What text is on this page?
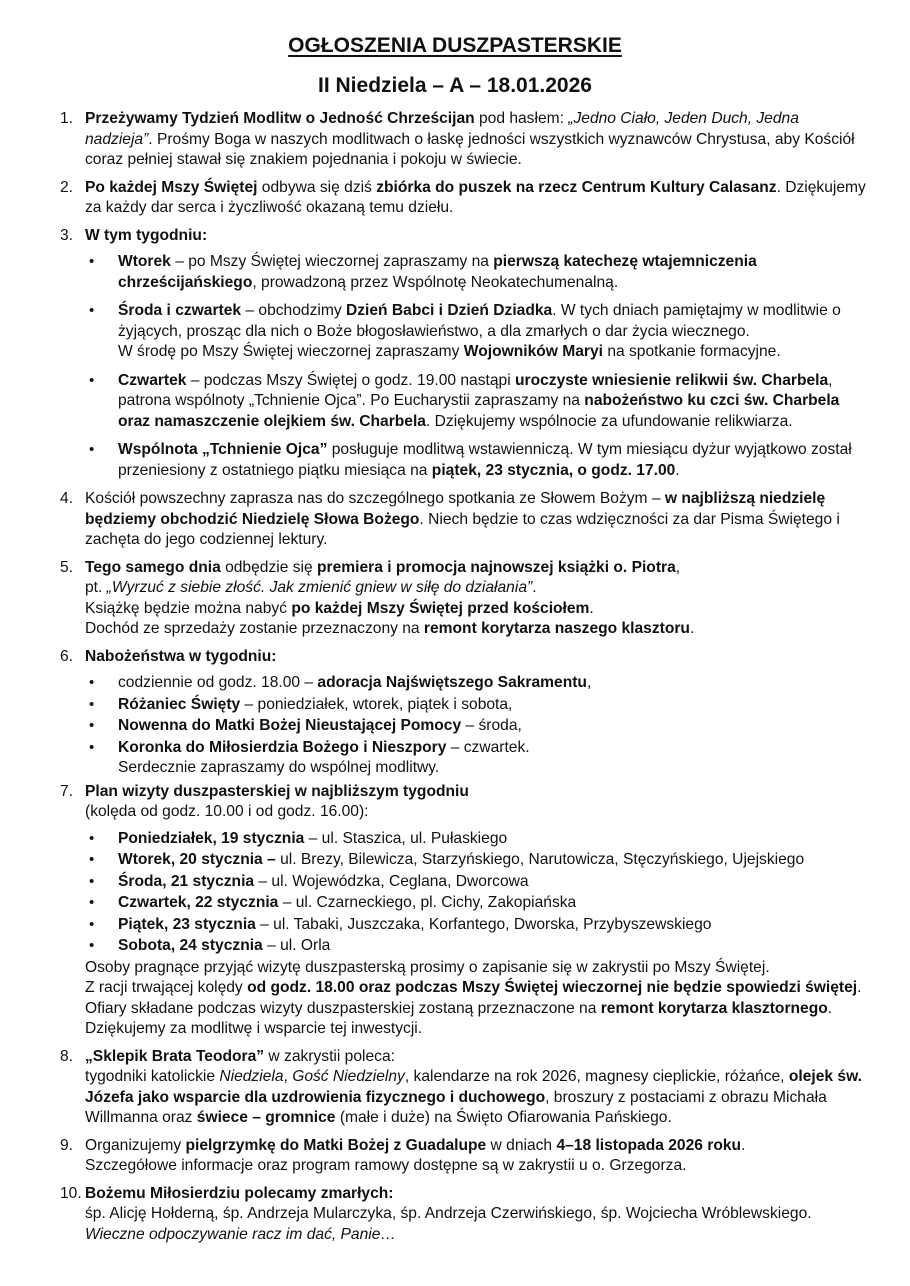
OGŁOSZENIA DUSZPASTERSKIE
II Niedziela – A – 18.01.2026
1. Przeżywamy Tydzień Modlitw o Jedność Chrześcijan pod hasłem: „Jedno Ciało, Jeden Duch, Jedna nadzieja”. Prośmy Boga w naszych modlitwach o łaskę jedności wszystkich wyznawców Chrystusa, aby Kościół coraz pełniej stawał się znakiem pojednania i pokoju w świecie.
2. Po każdej Mszy Świętej odbywa się dziś zbiórka do puszek na rzecz Centrum Kultury Calasanz. Dziękujemy za każdy dar serca i życzliwość okazaną temu dziełu.
3. W tym tygodniu:
• Wtorek – po Mszy Świętej wieczornej zapraszamy na pierwszą katechezę wtajemniczenia chrześcijańskiego, prowadzoną przez Wspólnotę Neokatechumenalną.
• Środa i czwartek – obchodzimy Dzień Babci i Dzień Dziadka. W tych dniach pamiętajmy w modlitwie o żyjących, prosząc dla nich o Boże błogosławieństwo, a dla zmarłych o dar życia wiecznego.
W środę po Mszy Świętej wieczornej zapraszamy Wojowników Maryi na spotkanie formacyjne.
• Czwartek – podczas Mszy Świętej o godz. 19.00 nastąpi uroczyste wniesienie relikwii św. Charbela, patrona wspólnoty „Tchnienie Ojca”. Po Eucharystii zapraszamy na nabożeństwo ku czci św. Charbela oraz namaszczenie olejkiem św. Charbela. Dziękujemy wspólnocie za ufundowanie relikwiarza.
• Wspólnota „Tchnienie Ojca” posługuje modlitwą wstawienniczą. W tym miesiącu dyżur wyjątkowo został przeniesiony z ostatniego piątku miesiąca na piątek, 23 stycznia, o godz. 17.00.
4. Kościół powszechny zaprasza nas do szczególnego spotkania ze Słowem Bożym – w najbliższą niedzielę będziemy obchodzić Niedzielę Słowa Bożego. Niech będzie to czas wdzięczności za dar Pisma Świętego i zachęta do jego codziennej lektury.
5. Tego samego dnia odbędzie się premiera i promocja najnowszej książki o. Piotra,
pt. „Wyrzuć z siebie złość. Jak zmienić gniew w siłę do działania”.
Książkę będzie można nabyć po każdej Mszy Świętej przed kościołem.
Dochód ze sprzedaży zostanie przeznaczony na remont korytarza naszego klasztoru.
6. Nabożeństwa w tygodniu:
• codziennie od godz. 18.00 – adoracja Najświętszego Sakramentu,
• Różaniec Święty – poniedziałek, wtorek, piątek i sobota,
• Nowenna do Matki Bożej Nieustającej Pomocy – środa,
• Koronka do Miłosierdzia Bożego i Nieszpory – czwartek.
Serdecznie zapraszamy do wspólnej modlitwy.
7. Plan wizyty duszpasterskiej w najbliższym tygodniu
(kolęda od godz. 10.00 i od godz. 16.00):
• Poniedziałek, 19 stycznia – ul. Staszica, ul. Pułaskiego
• Wtorek, 20 stycznia – ul. Brezy, Bilewicza, Starzyńskiego, Narutowicza, Stęczyńskiego, Ujejskiego
• Środa, 21 stycznia – ul. Wojewódzka, Ceglana, Dworcowa
• Czwartek, 22 stycznia – ul. Czarneckiego, pl. Cichy, Zakopiańska
• Piątek, 23 stycznia – ul. Tabaki, Juszczaka, Korfantego, Dworska, Przybyszewskiego
• Sobota, 24 stycznia – ul. Orla
Osoby pragnące przyjąć wizytę duszpasterską prosimy o zapisanie się w zakrystii po Mszy Świętej.
Z racji trwającej kolędy od godz. 18.00 oraz podczas Mszy Świętej wieczornej nie będzie spowiedzi świętej.
Ofiary składane podczas wizyty duszpasterskiej zostaną przeznaczone na remont korytarza klasztornego. Dziękujemy za modlitwę i wsparcie tej inwestycji.
8. „Sklepik Brata Teodora” w zakrystii poleca:
tygodniki katolickie Niedziela, Gość Niedzielny, kalendarze na rok 2026, magnesy cieplickie, różańce, olejek św. Józefa jako wsparcie dla uzdrowienia fizycznego i duchowego, broszury z postaciami z obrazu Michała Willmanna oraz świece – gromnice (małe i duże) na Święto Ofiarowania Pańskiego.
9. Organizujemy pielgrzymkę do Matki Bożej z Guadalupe w dniach 4–18 listopada 2026 roku.
Szczegółowe informacje oraz program ramowy dostępne są w zakrystii u o. Grzegorza.
10. Bożemu Miłosierdziu polecamy zmarłych:
śp. Alicję Hołderną, śp. Andrzeja Mularczyka, śp. Andrzeja Czerwińskiego, śp. Wojciecha Wróblewskiego.
Wieczne odpoczywanie racz im dać, Panie…
